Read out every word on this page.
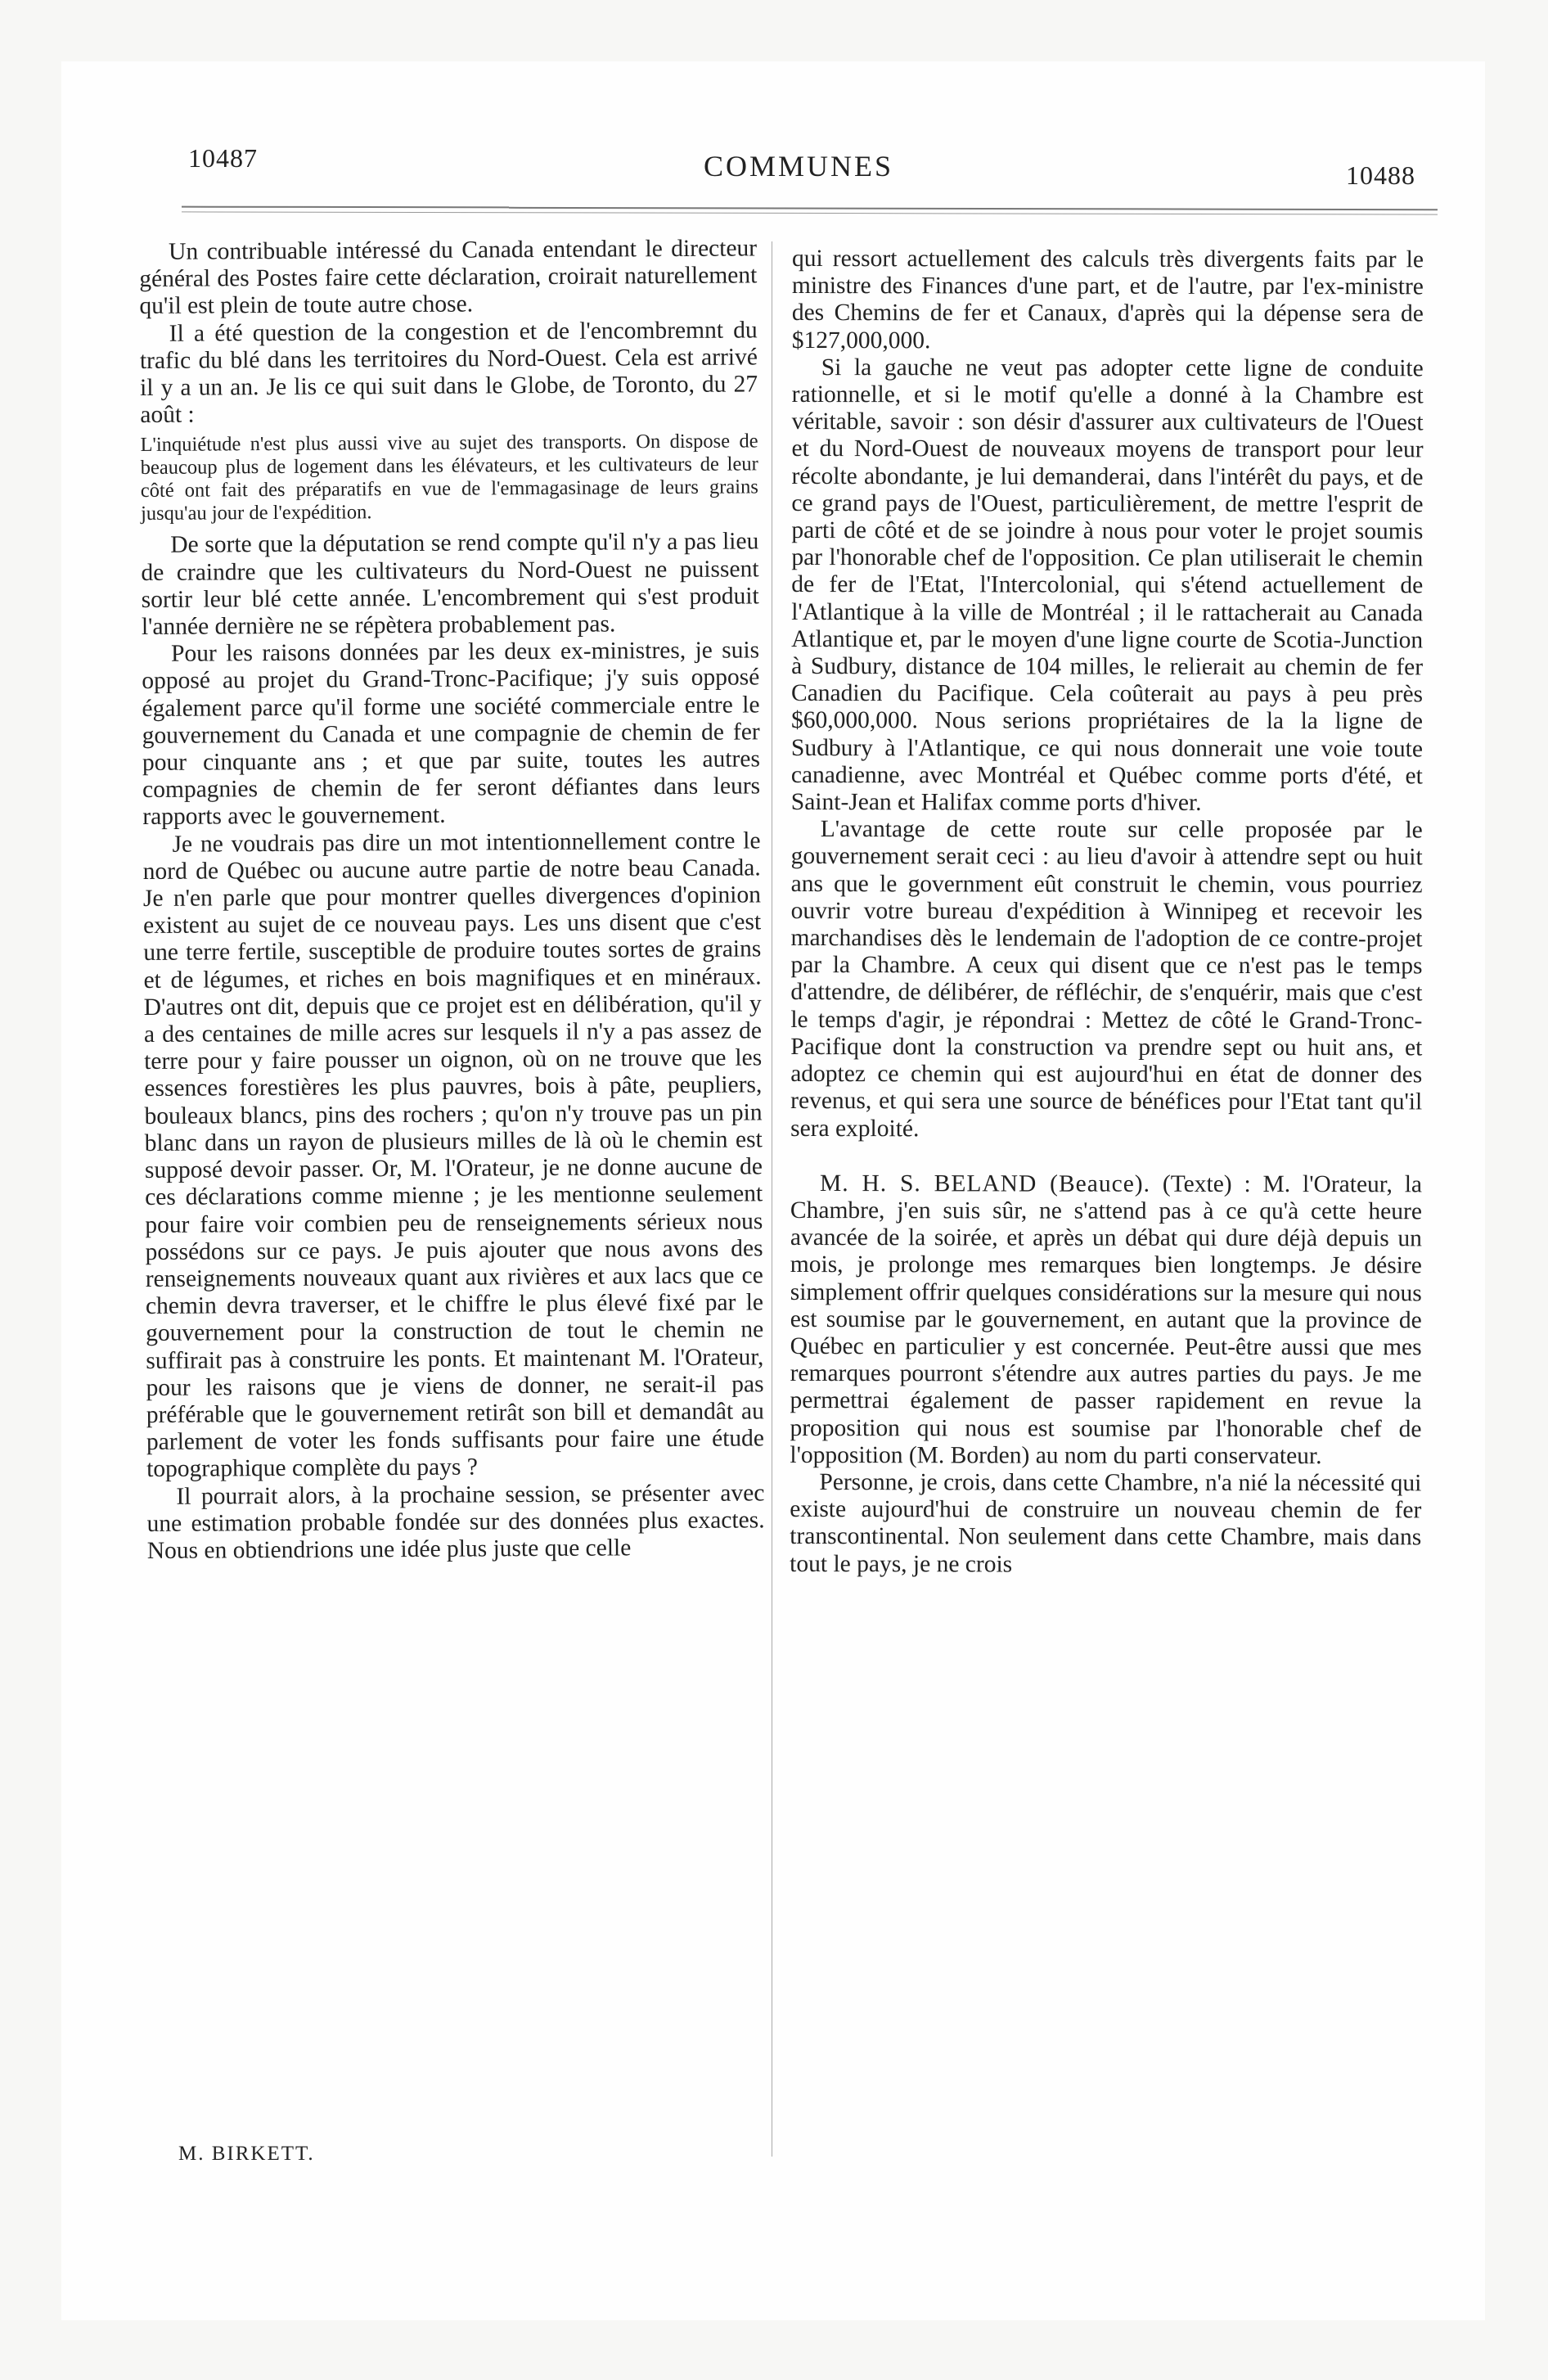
10487	COMMUNES	10488

Un contribuable intéressé du Canada entendant le directeur général des Postes faire cette déclaration, croirait naturellement qu'il est plein de toute autre chose.

Il a été question de la congestion et de l'encombremnt du trafic du blé dans les territoires du Nord-Ouest. Cela est arrivé il y a un an. Je lis ce qui suit dans le Globe, de Toronto, du 27 août :

L'inquiétude n'est plus aussi vive au sujet des transports. On dispose de beaucoup plus de logement dans les élévateurs, et les cultivateurs de leur côté ont fait des préparatifs en vue de l'emmagasinage de leurs grains jusqu'au jour de l'expédition.

De sorte que la députation se rend compte qu'il n'y a pas lieu de craindre que les cultivateurs du Nord-Ouest ne puissent sortir leur blé cette année. L'encombrement qui s'est produit l'année dernière ne se répètera probablement pas.

Pour les raisons données par les deux ex-ministres, je suis opposé au projet du Grand-Tronc-Pacifique; j'y suis opposé également parce qu'il forme une société commerciale entre le gouvernement du Canada et une compagnie de chemin de fer pour cinquante ans ; et que par suite, toutes les autres compagnies de chemin de fer seront défiantes dans leurs rapports avec le gouvernement.

Je ne voudrais pas dire un mot intentionnellement contre le nord de Québec ou aucune autre partie de notre beau Canada. Je n'en parle que pour montrer quelles divergences d'opinion existent au sujet de ce nouveau pays. Les uns disent que c'est une terre fertile, susceptible de produire toutes sortes de grains et de légumes, et riches en bois magnifiques et en minéraux. D'autres ont dit, depuis que ce projet est en délibération, qu'il y a des centaines de mille acres sur lesquels il n'y a pas assez de terre pour y faire pousser un oignon, où on ne trouve que les essences forestières les plus pauvres, bois à pâte, peupliers, bouleaux blancs, pins des rochers ; qu'on n'y trouve pas un pin blanc dans un rayon de plusieurs milles de là où le chemin est supposé devoir passer. Or, M. l'Orateur, je ne donne aucune de ces déclarations comme mienne ; je les mentionne seulement pour faire voir combien peu de renseignements sérieux nous possédons sur ce pays. Je puis ajouter que nous avons des renseignements nouveaux quant aux rivières et aux lacs que ce chemin devra traverser, et le chiffre le plus élevé fixé par le gouvernement pour la construction de tout le chemin ne suffirait pas à construire les ponts. Et maintenant M. l'Orateur, pour les raisons que je viens de donner, ne serait-il pas préférable que le gouvernement retirât son bill et demandât au parlement de voter les fonds suffisants pour faire une étude topographique complète du pays ?

Il pourrait alors, à la prochaine session, se présenter avec une estimation probable fondée sur des données plus exactes. Nous en obtiendrions une idée plus juste que celle

qui ressort actuellement des calculs très divergents faits par le ministre des Finances d'une part, et de l'autre, par l'ex-ministre des Chemins de fer et Canaux, d'après qui la dépense sera de $127,000,000.

Si la gauche ne veut pas adopter cette ligne de conduite rationnelle, et si le motif qu'elle a donné à la Chambre est véritable, savoir : son désir d'assurer aux cultivateurs de l'Ouest et du Nord-Ouest de nouveaux moyens de transport pour leur récolte abondante, je lui demanderai, dans l'intérêt du pays, et de ce grand pays de l'Ouest, particulièrement, de mettre l'esprit de parti de côté et de se joindre à nous pour voter le projet soumis par l'honorable chef de l'opposition. Ce plan utiliserait le chemin de fer de l'Etat, l'Intercolonial, qui s'étend actuellement de l'Atlantique à la ville de Montréal ; il le rattacherait au Canada Atlantique et, par le moyen d'une ligne courte de Scotia-Junction à Sudbury, distance de 104 milles, le relierait au chemin de fer Canadien du Pacifique. Cela coûterait au pays à peu près $60,000,000. Nous serions propriétaires de la la ligne de Sudbury à l'Atlantique, ce qui nous donnerait une voie toute canadienne, avec Montréal et Québec comme ports d'été, et Saint-Jean et Halifax comme ports d'hiver.

L'avantage de cette route sur celle proposée par le gouvernement serait ceci : au lieu d'avoir à attendre sept ou huit ans que le government eût construit le chemin, vous pourriez ouvrir votre bureau d'expédition à Winnipeg et recevoir les marchandises dès le lendemain de l'adoption de ce contre-projet par la Chambre. A ceux qui disent que ce n'est pas le temps d'attendre, de délibérer, de réfléchir, de s'enquérir, mais que c'est le temps d'agir, je répondrai : Mettez de côté le Grand-Tronc-Pacifique dont la construction va prendre sept ou huit ans, et adoptez ce chemin qui est aujourd'hui en état de donner des revenus, et qui sera une source de bénéfices pour l'Etat tant qu'il sera exploité.

M. H. S. BELAND (Beauce). (Texte) : M. l'Orateur, la Chambre, j'en suis sûr, ne s'attend pas à ce qu'à cette heure avancée de la soirée, et après un débat qui dure déjà depuis un mois, je prolonge mes remarques bien longtemps. Je désire simplement offrir quelques considérations sur la mesure qui nous est soumise par le gouvernement, en autant que la province de Québec en particulier y est concernée. Peut-être aussi que mes remarques pourront s'étendre aux autres parties du pays. Je me permettrai également de passer rapidement en revue la proposition qui nous est soumise par l'honorable chef de l'opposition (M. Borden) au nom du parti conservateur.

Personne, je crois, dans cette Chambre, n'a nié la nécessité qui existe aujourd'hui de construire un nouveau chemin de fer transcontinental. Non seulement dans cette Chambre, mais dans tout le pays, je ne crois

M. BIRKETT.
